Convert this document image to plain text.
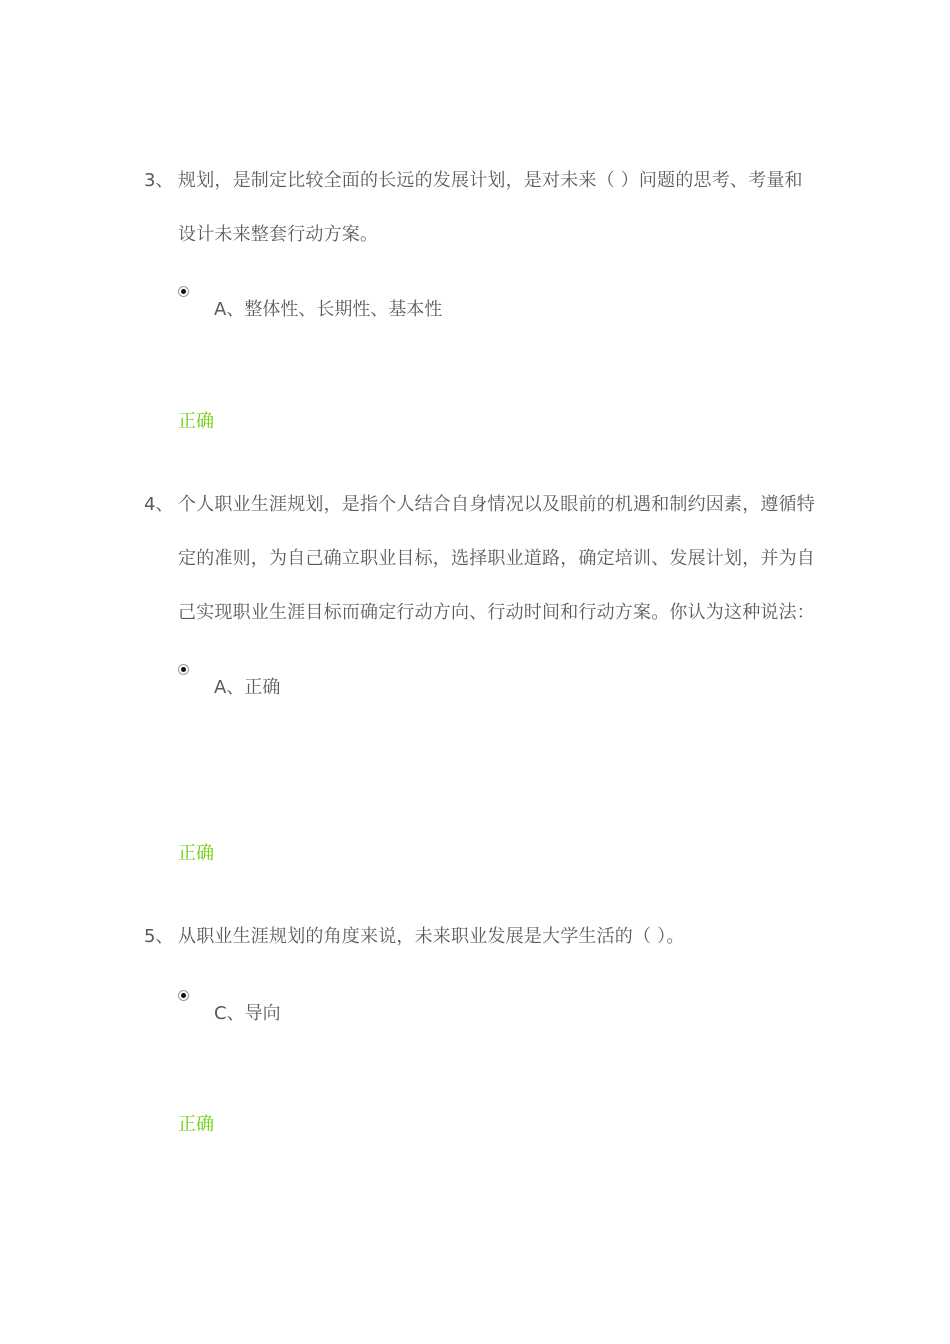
3、 规划，是制定比较全面的长远的发展计划，是对未来（ ）问题的思考、考量和设计未来整套行动方案。
A、整体性、长期性、基本性
正确
4、 个人职业生涯规划，是指个人结合自身情况以及眼前的机遇和制约因素，遵循特定的准则，为自己确立职业目标，选择职业道路，确定培训、发展计划，并为自己实现职业生涯目标而确定行动方向、行动时间和行动方案。你认为这种说法：
A、正确
正确
5、 从职业生涯规划的角度来说，未来职业发展是大学生活的（ ）。
C、导向
正确
